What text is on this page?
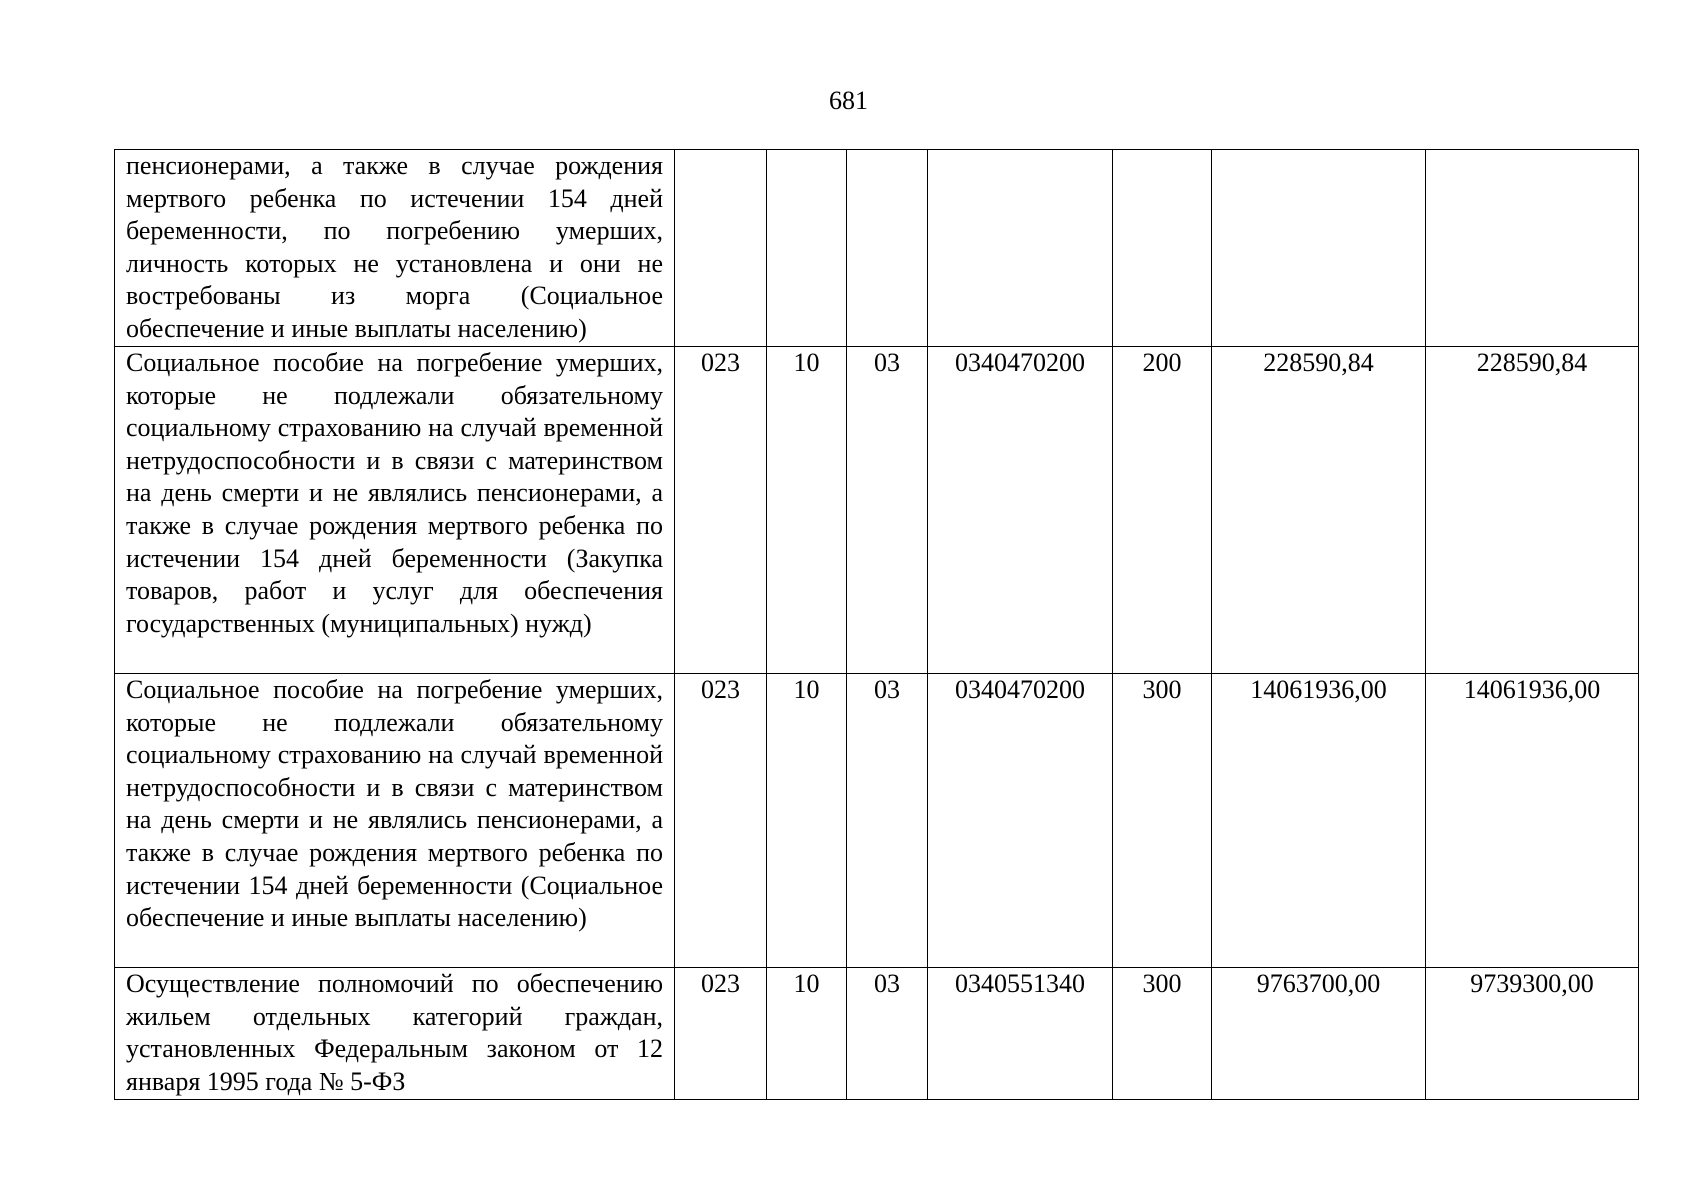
681
пенсионерами, а также в случае рождения мертвого ребенка по истечении 154 дней беременности, по погребению умерших, личность которых не установлена и они не востребованы из морга (Социальное обеспечение и иные выплаты населению)							

Социальное пособие на погребение умерших, которые не подлежали обязательному социальному страхованию на случай временной нетрудоспособности и в связи с материнством на день смерти и не являлись пенсионерами, а также в случае рождения мертвого ребенка по истечении 154 дней беременности (Закупка товаров, работ и услуг для обеспечения государственных (муниципальных) нужд)	023	10	03	0340470200	200	228590,84	228590,84

Социальное пособие на погребение умерших, которые не подлежали обязательному социальному страхованию на случай временной нетрудоспособности и в связи с материнством на день смерти и не являлись пенсионерами, а также в случае рождения мертвого ребенка по истечении 154 дней беременности (Социальное обеспечение и иные выплаты населению)	023	10	03	0340470200	300	14061936,00	14061936,00

Осуществление полномочий по обеспечению жильем отдельных категорий граждан, установленных Федеральным законом от 12 января 1995 года № 5-ФЗ	023	10	03	0340551340	300	9763700,00	9739300,00
